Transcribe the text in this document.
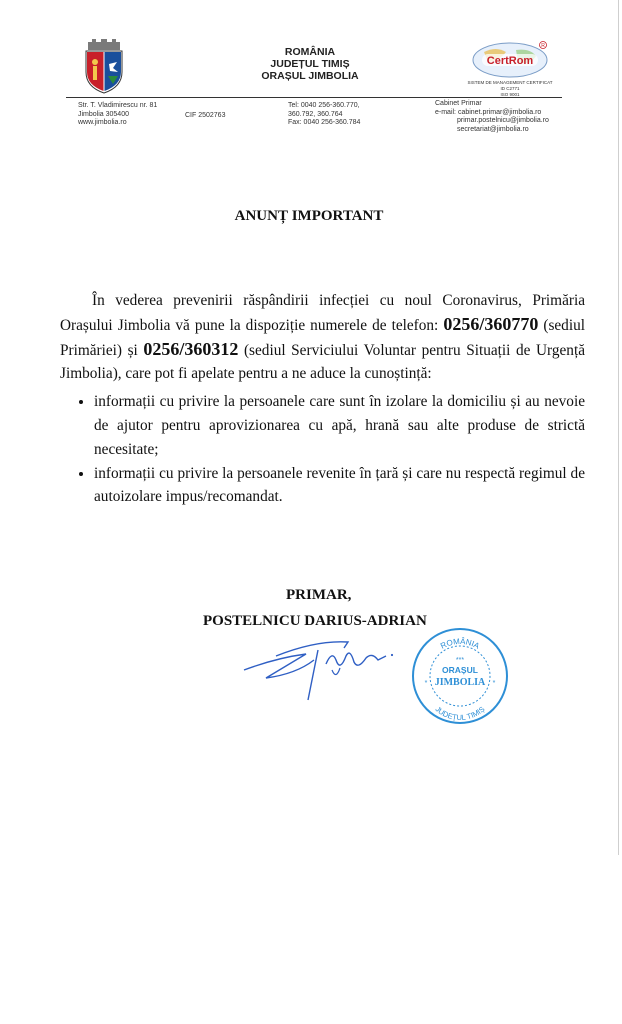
ROMÂNIA
JUDEȚUL TIMIȘ
ORAȘUL JIMBOLIA
CertRom
R
SISTEM DE MANAGEMENT CERTIFICAT
ID C2771
ISO 9001
Str. T. Vladimirescu nr. 81
Jimbolia 305400
www.jimbolia.ro
CIF 2502763
Tel: 0040 256-360.770,
360.792, 360.764
Fax: 0040 256-360.784
Cabinet Primar
e-mail: cabinet.primar@jimbolia.ro
primar.postelnicu@jimbolia.ro
secretariat@jimbolia.ro
ANUNȚ IMPORTANT

În vederea prevenirii răspândirii infecției cu noul Coronavirus, Primăria Orașului Jimbolia vă pune la dispoziție numerele de telefon: 0256/360770 (sediul Primăriei) și 0256/360312 (sediul Serviciului Voluntar pentru Situații de Urgență Jimbolia), care pot fi apelate pentru a ne aduce la cunoștință:

• informații cu privire la persoanele care sunt în izolare la domiciliu și au nevoie de ajutor pentru aprovizionarea cu apă, hrană sau alte produse de strictă necesitate;
• informații cu privire la persoanele revenite în țară și care nu respectă regimul de autoizolare impus/recomandat.
PRIMAR,
POSTELNICU DARIUS-ADRIAN
ROMÂNIA
***
ORAȘUL
JIMBOLIA
*	*
JUDEȚUL TIMIȘ
